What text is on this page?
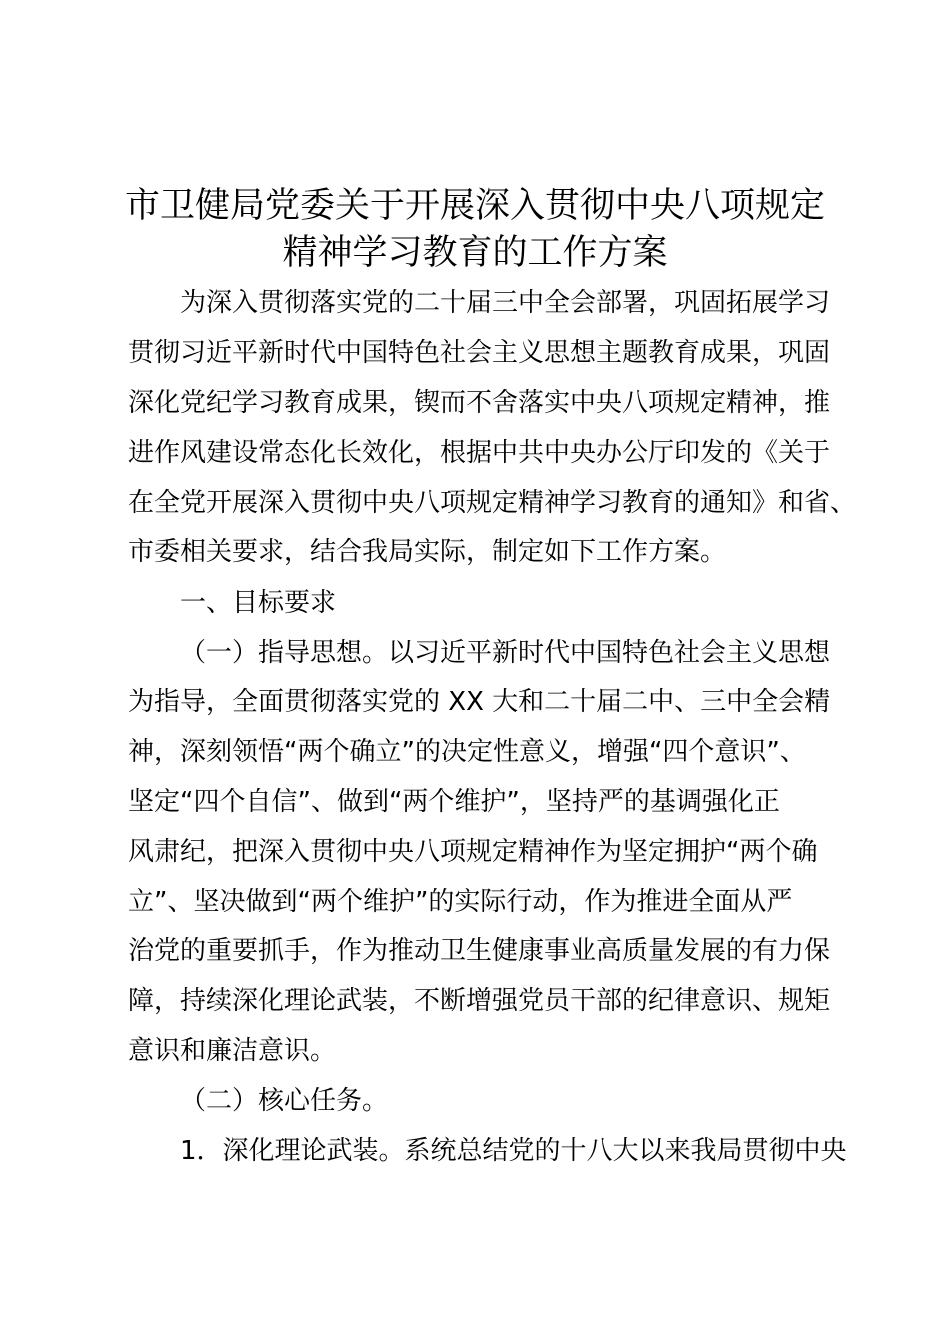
市卫健局党委关于开展深入贯彻中央八项规定
精神学习教育的工作方案
为深入贯彻落实党的二十届三中全会部署，巩固拓展学习
贯彻习近平新时代中国特色社会主义思想主题教育成果，巩固
深化党纪学习教育成果，锲而不舍落实中央八项规定精神，推
进作风建设常态化长效化，根据中共中央办公厅印发的《关于
在全党开展深入贯彻中央八项规定精神学习教育的通知》和省、
市委相关要求，结合我局实际，制定如下工作方案。
一、目标要求
（一）指导思想。以习近平新时代中国特色社会主义思想
为指导，全面贯彻落实党的 XX 大和二十届二中、三中全会精
神，深刻领悟“两个确立”的决定性意义，增强“四个意识”、
坚定“四个自信”、做到“两个维护”，坚持严的基调强化正
风肃纪，把深入贯彻中央八项规定精神作为坚定拥护“两个确
立”、坚决做到“两个维护”的实际行动，作为推进全面从严
治党的重要抓手，作为推动卫生健康事业高质量发展的有力保
障，持续深化理论武装，不断增强党员干部的纪律意识、规矩
意识和廉洁意识。
（二）核心任务。
1．深化理论武装。系统总结党的十八大以来我局贯彻中央
